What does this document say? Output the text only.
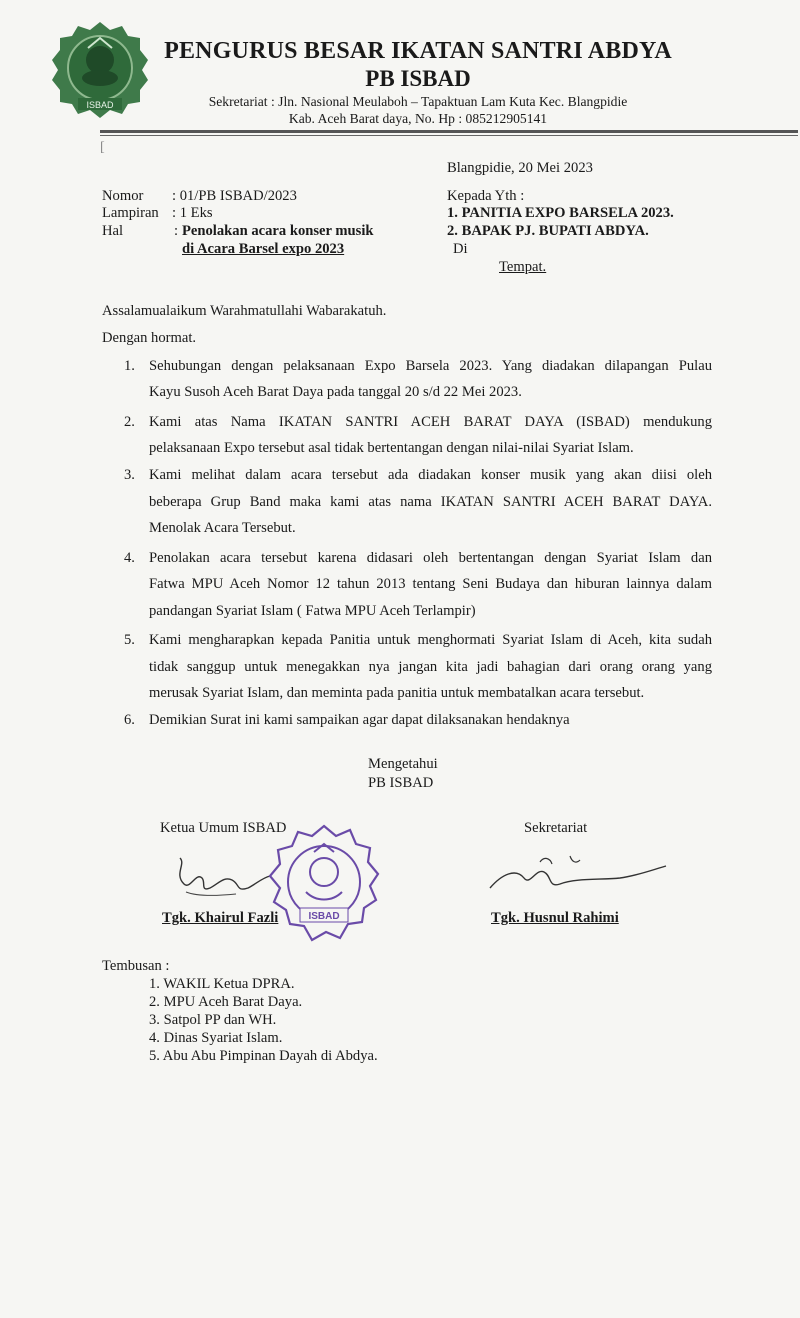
ISBAD
PENGURUS BESAR IKATAN SANTRI ABDYA
PB ISBAD
Sekretariat : Jln. Nasional Meulaboh – Tapaktuan Lam Kuta Kec. Blangpidie
Kab. Aceh Barat daya, No. Hp : 085212905141
[
Blangpidie, 20 Mei 2023
Nomor : 01/PB ISBAD/2023
Lampiran : 1 Eks
Hal	: Penolakan acara konser musik
di Acara Barsel expo 2023
Kepada Yth :
1. PANITIA EXPO BARSELA 2023.
2. BAPAK PJ. BUPATI ABDYA.
Di
Tempat.
Assalamualaikum Warahmatullahi Wabarakatuh.
Dengan hormat.
1. Sehubungan dengan pelaksanaan Expo Barsela 2023. Yang diadakan dilapangan Pulau
Kayu Susoh Aceh Barat Daya pada tanggal 20 s/d 22 Mei 2023.
2. Kami atas Nama IKATAN SANTRI ACEH BARAT DAYA (ISBAD) mendukung
pelaksanaan Expo tersebut asal tidak bertentangan dengan nilai-nilai Syariat Islam.
3. Kami melihat dalam acara tersebut ada diadakan konser musik yang akan diisi oleh
beberapa Grup Band maka kami atas nama IKATAN SANTRI ACEH BARAT DAYA.
Menolak Acara Tersebut.
4. Penolakan acara tersebut karena didasari oleh bertentangan dengan Syariat Islam dan
Fatwa MPU Aceh Nomor 12 tahun 2013 tentang Seni Budaya dan hiburan lainnya dalam
pandangan Syariat Islam ( Fatwa MPU Aceh Terlampir)
5. Kami mengharapkan kepada Panitia untuk menghormati Syariat Islam di Aceh, kita sudah
tidak sanggup untuk menegakkan nya jangan kita jadi bahagian dari orang orang yang
merusak Syariat Islam, dan meminta pada panitia untuk membatalkan acara tersebut.
6. Demikian Surat ini kami sampaikan agar dapat dilaksanakan hendaknya
Mengetahui
PB ISBAD
Ketua Umum ISBAD	Sekretariat
ISBAD
Tgk. Khairul Fazli	Tgk. Husnul Rahimi
Tembusan :
1. WAKIL Ketua DPRA.
2. MPU Aceh Barat Daya.
3. Satpol PP dan WH.
4. Dinas Syariat Islam.
5. Abu Abu Pimpinan Dayah di Abdya.
